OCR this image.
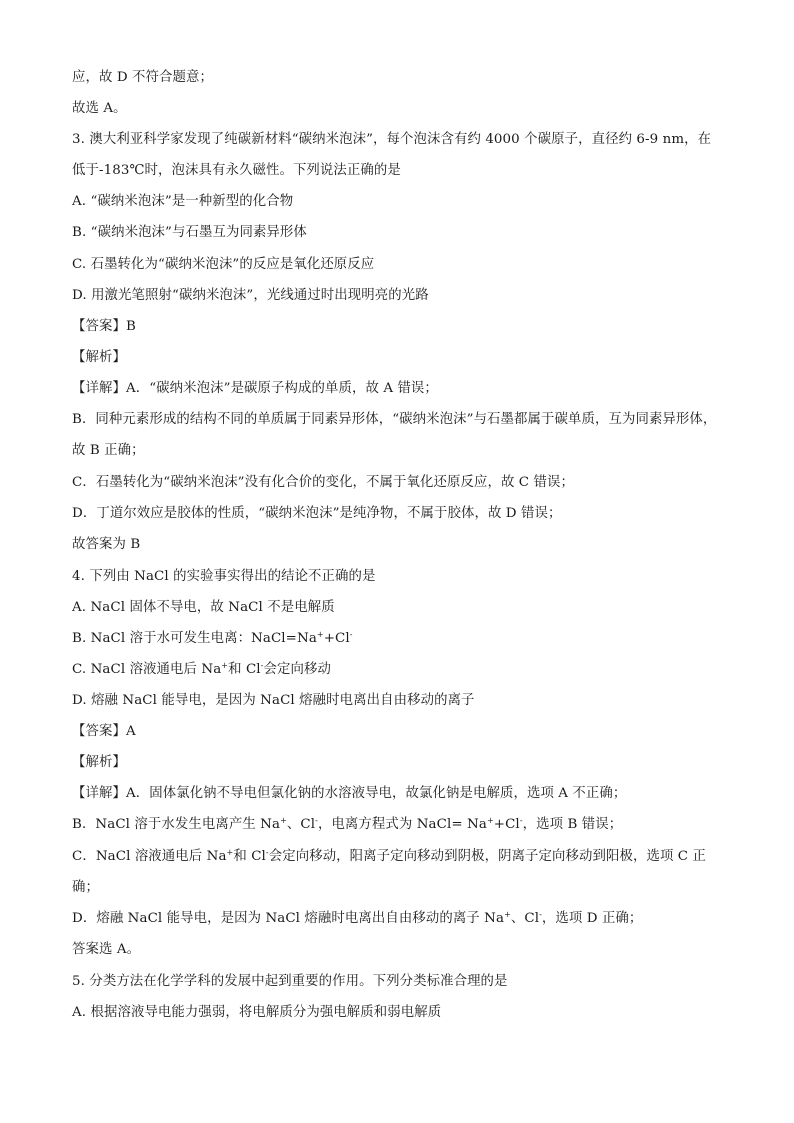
应，故 D 不符合题意；
故选 A。
3. 澳大利亚科学家发现了纯碳新材料“碳纳米泡沫”，每个泡沫含有约 4000 个碳原子，直径约 6-9 nm，在低于-183℃时，泡沫具有永久磁性。下列说法正确的是
A. “碳纳米泡沫”是一种新型的化合物
B. “碳纳米泡沫”与石墨互为同素异形体
C. 石墨转化为“碳纳米泡沫”的反应是氧化还原反应
D. 用激光笔照射“碳纳米泡沫”，光线通过时出现明亮的光路
【答案】B
【解析】
【详解】A．“碳纳米泡沫”是碳原子构成的单质，故 A 错误；
B．同种元素形成的结构不同的单质属于同素异形体，“碳纳米泡沫”与石墨都属于碳单质，互为同素异形体，故 B 正确；
C．石墨转化为“碳纳米泡沫”没有化合价的变化，不属于氧化还原反应，故 C 错误；
D．丁道尔效应是胶体的性质，“碳纳米泡沫”是纯净物，不属于胶体，故 D 错误；
故答案为 B
4. 下列由 NaCl 的实验事实得出的结论不正确的是
A. NaCl 固体不导电，故 NaCl 不是电解质
B. NaCl 溶于水可发生电离：NaCl=Na++Cl-
C. NaCl 溶液通电后 Na+和 Cl-会定向移动
D. 熔融 NaCl 能导电，是因为 NaCl 熔融时电离出自由移动的离子
【答案】A
【解析】
【详解】A．固体氯化钠不导电但氯化钠的水溶液导电，故氯化钠是电解质，选项 A 不正确；
B．NaCl 溶于水发生电离产生 Na+、Cl-，电离方程式为 NaCl= Na++Cl-，选项 B 错误；
C．NaCl 溶液通电后 Na+和 Cl-会定向移动，阳离子定向移动到阴极，阴离子定向移动到阳极，选项 C 正确；
D．熔融 NaCl 能导电，是因为 NaCl 熔融时电离出自由移动的离子 Na+、Cl-，选项 D 正确；
答案选 A。
5. 分类方法在化学学科的发展中起到重要的作用。下列分类标准合理的是
A. 根据溶液导电能力强弱，将电解质分为强电解质和弱电解质
